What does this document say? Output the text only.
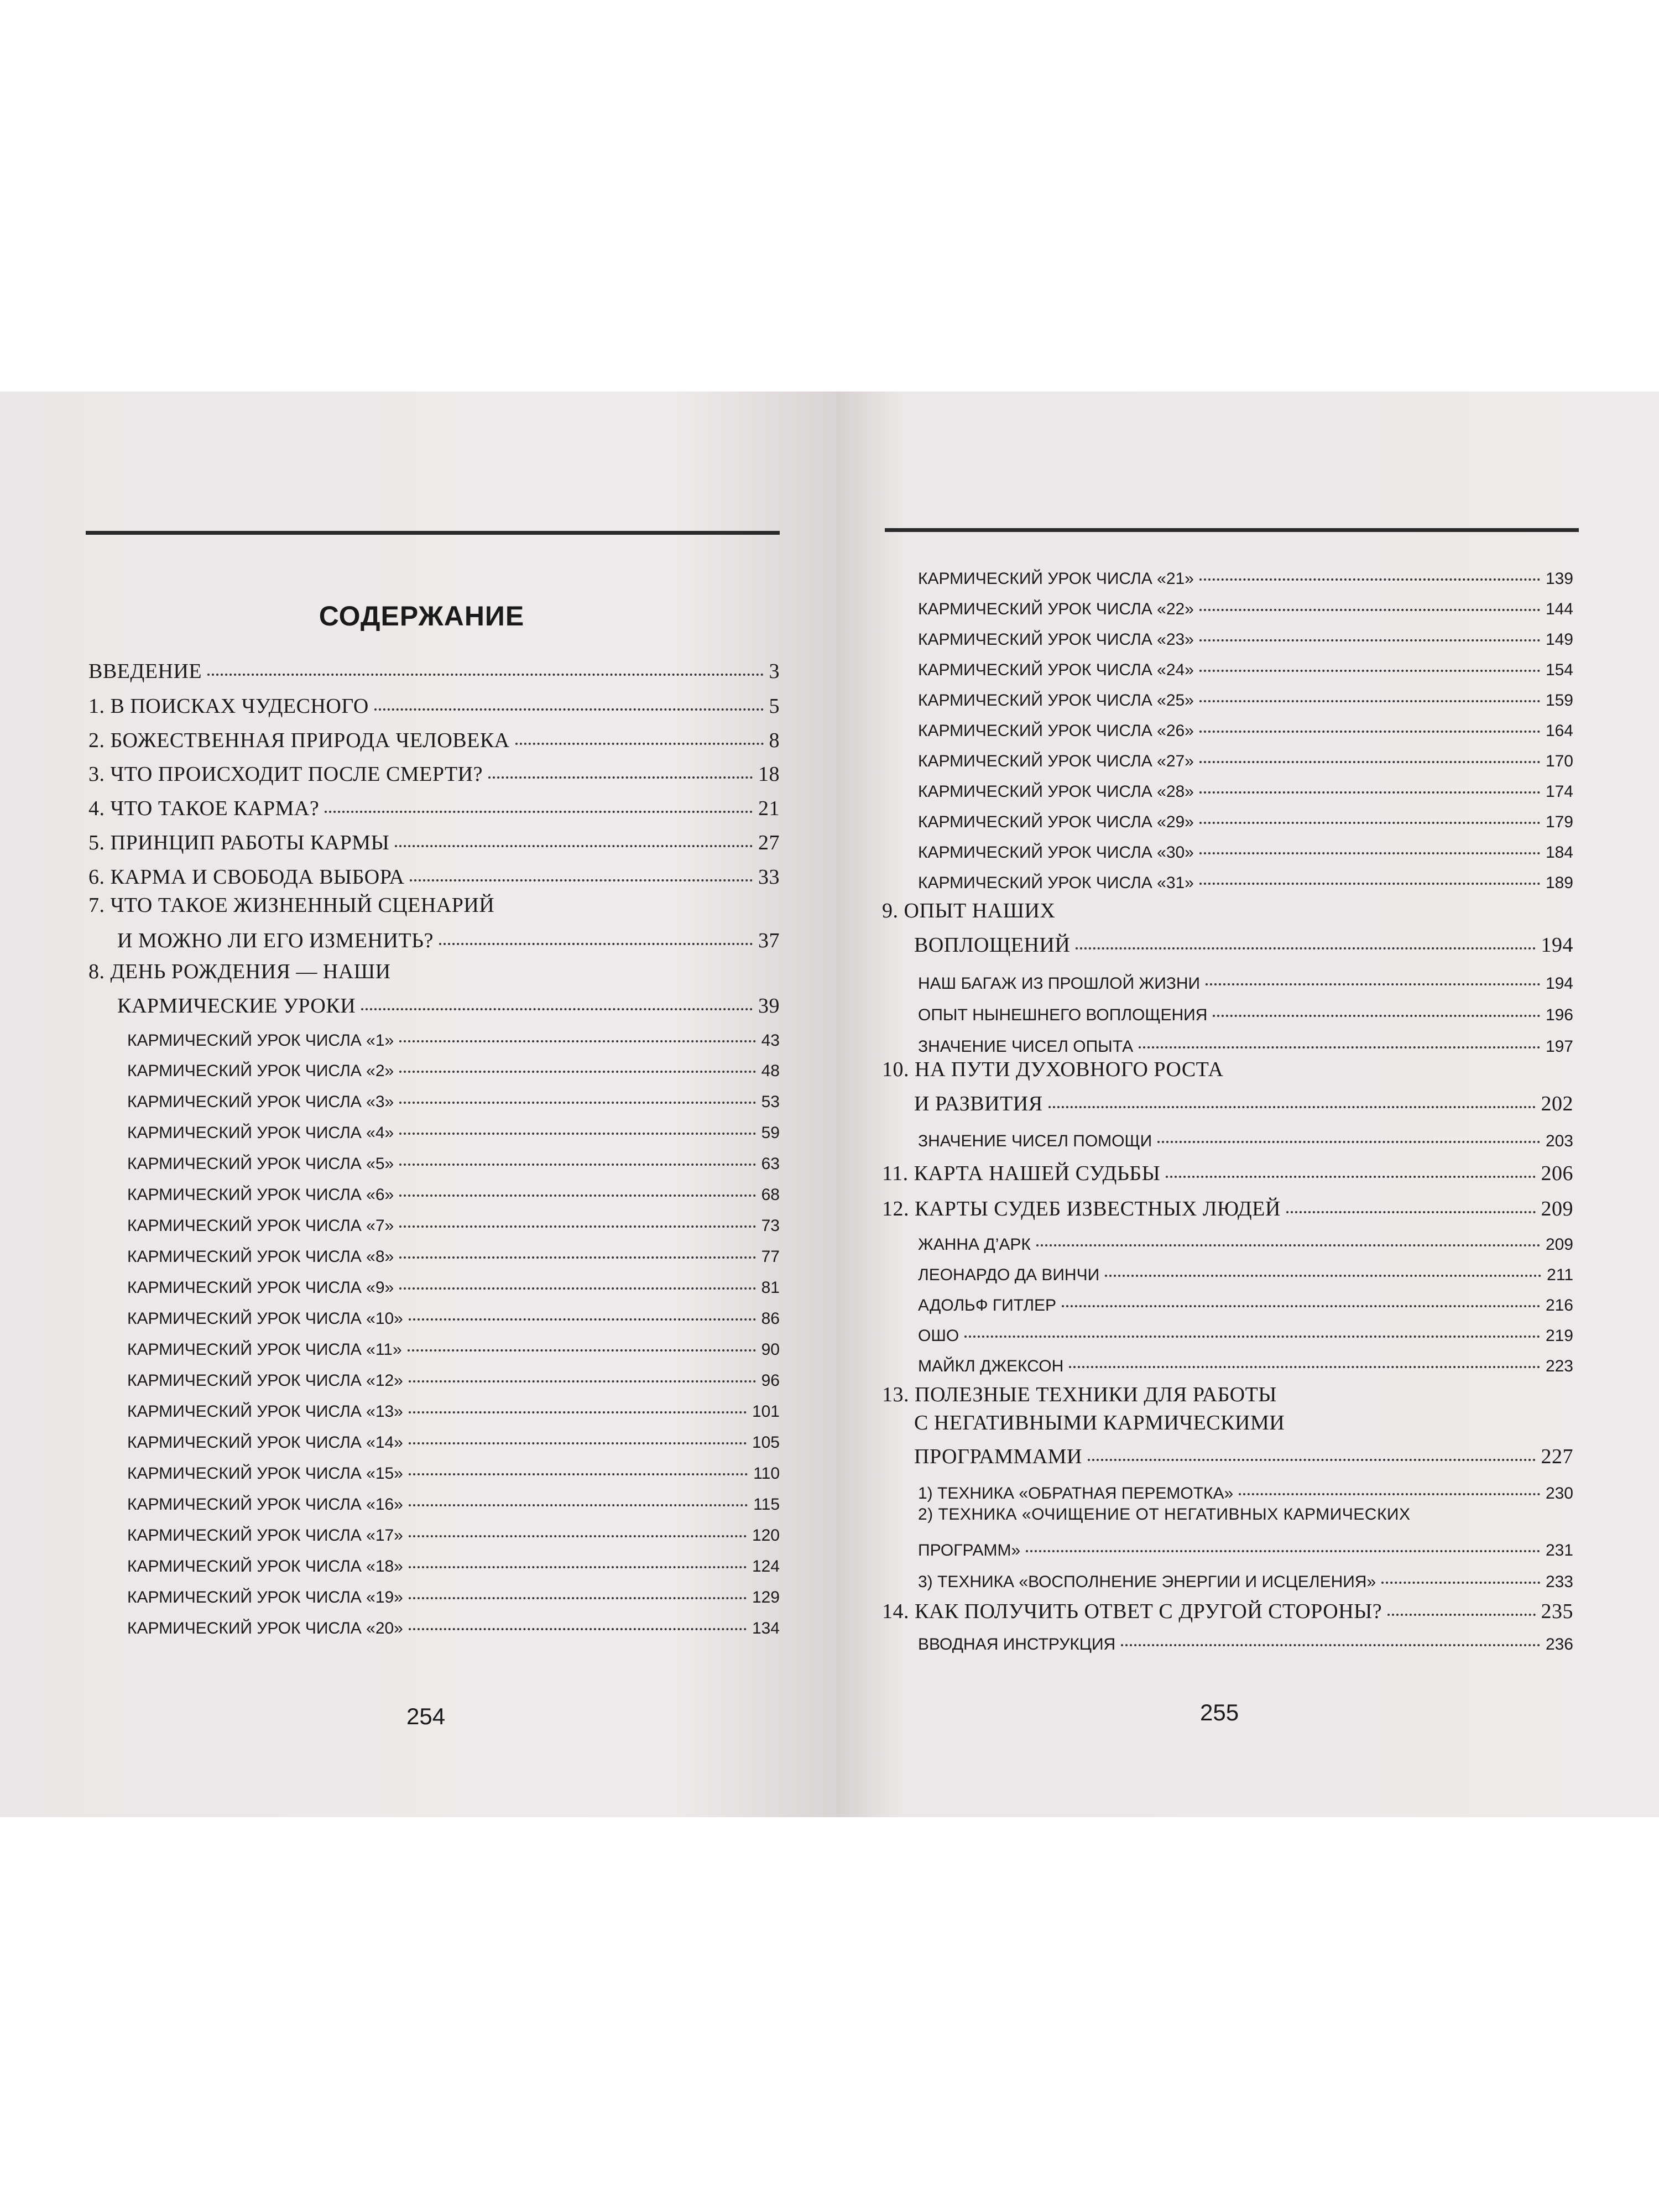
СОДЕРЖАНИЕ
ВВЕДЕНИЕ	3
1. В ПОИСКАХ ЧУДЕСНОГО	5
2. БОЖЕСТВЕННАЯ ПРИРОДА ЧЕЛОВЕКА	8
3. ЧТО ПРОИСХОДИТ ПОСЛЕ СМЕРТИ?	18
4. ЧТО ТАКОЕ КАРМА?	21
5. ПРИНЦИП РАБОТЫ КАРМЫ	27
6. КАРМА И СВОБОДА ВЫБОРА	33
7. ЧТО ТАКОЕ ЖИЗНЕННЫЙ СЦЕНАРИЙ
И МОЖНО ЛИ ЕГО ИЗМЕНИТЬ?	37
8. ДЕНЬ РОЖДЕНИЯ — НАШИ
КАРМИЧЕСКИЕ УРОКИ	39
КАРМИЧЕСКИЙ УРОК ЧИСЛА «1»	43
КАРМИЧЕСКИЙ УРОК ЧИСЛА «2»	48
КАРМИЧЕСКИЙ УРОК ЧИСЛА «3»	53
КАРМИЧЕСКИЙ УРОК ЧИСЛА «4»	59
КАРМИЧЕСКИЙ УРОК ЧИСЛА «5»	63
КАРМИЧЕСКИЙ УРОК ЧИСЛА «6»	68
КАРМИЧЕСКИЙ УРОК ЧИСЛА «7»	73
КАРМИЧЕСКИЙ УРОК ЧИСЛА «8»	77
КАРМИЧЕСКИЙ УРОК ЧИСЛА «9»	81
КАРМИЧЕСКИЙ УРОК ЧИСЛА «10»	86
КАРМИЧЕСКИЙ УРОК ЧИСЛА «11»	90
КАРМИЧЕСКИЙ УРОК ЧИСЛА «12»	96
КАРМИЧЕСКИЙ УРОК ЧИСЛА «13»	101
КАРМИЧЕСКИЙ УРОК ЧИСЛА «14»	105
КАРМИЧЕСКИЙ УРОК ЧИСЛА «15»	110
КАРМИЧЕСКИЙ УРОК ЧИСЛА «16»	115
КАРМИЧЕСКИЙ УРОК ЧИСЛА «17»	120
КАРМИЧЕСКИЙ УРОК ЧИСЛА «18»	124
КАРМИЧЕСКИЙ УРОК ЧИСЛА «19»	129
КАРМИЧЕСКИЙ УРОК ЧИСЛА «20»	134
КАРМИЧЕСКИЙ УРОК ЧИСЛА «21»	139
КАРМИЧЕСКИЙ УРОК ЧИСЛА «22»	144
КАРМИЧЕСКИЙ УРОК ЧИСЛА «23»	149
КАРМИЧЕСКИЙ УРОК ЧИСЛА «24»	154
КАРМИЧЕСКИЙ УРОК ЧИСЛА «25»	159
КАРМИЧЕСКИЙ УРОК ЧИСЛА «26»	164
КАРМИЧЕСКИЙ УРОК ЧИСЛА «27»	170
КАРМИЧЕСКИЙ УРОК ЧИСЛА «28»	174
КАРМИЧЕСКИЙ УРОК ЧИСЛА «29»	179
КАРМИЧЕСКИЙ УРОК ЧИСЛА «30»	184
КАРМИЧЕСКИЙ УРОК ЧИСЛА «31»	189
9. ОПЫТ НАШИХ
ВОПЛОЩЕНИЙ	194
НАШ БАГАЖ ИЗ ПРОШЛОЙ ЖИЗНИ	194
ОПЫТ НЫНЕШНЕГО ВОПЛОЩЕНИЯ	196
ЗНАЧЕНИЕ ЧИСЕЛ ОПЫТА	197
10. НА ПУТИ ДУХОВНОГО РОСТА
И РАЗВИТИЯ	202
ЗНАЧЕНИЕ ЧИСЕЛ ПОМОЩИ	203
11. КАРТА НАШЕЙ СУДЬБЫ	206
12. КАРТЫ СУДЕБ ИЗВЕСТНЫХ ЛЮДЕЙ	209
ЖАННА Д’АРК	209
ЛЕОНАРДО ДА ВИНЧИ	211
АДОЛЬФ ГИТЛЕР	216
ОШО	219
МАЙКЛ ДЖЕКСОН	223
13. ПОЛЕЗНЫЕ ТЕХНИКИ ДЛЯ РАБОТЫ
С НЕГАТИВНЫМИ КАРМИЧЕСКИМИ
ПРОГРАММАМИ	227
1) ТЕХНИКА «ОБРАТНАЯ ПЕРЕМОТКА»	230
2) ТЕХНИКА «ОЧИЩЕНИЕ ОТ НЕГАТИВНЫХ КАРМИЧЕСКИХ
ПРОГРАММ»	231
3) ТЕХНИКА «ВОСПОЛНЕНИЕ ЭНЕРГИИ И ИСЦЕЛЕНИЯ»	233
14. КАК ПОЛУЧИТЬ ОТВЕТ С ДРУГОЙ СТОРОНЫ?	235
ВВОДНАЯ ИНСТРУКЦИЯ	236
254	255
